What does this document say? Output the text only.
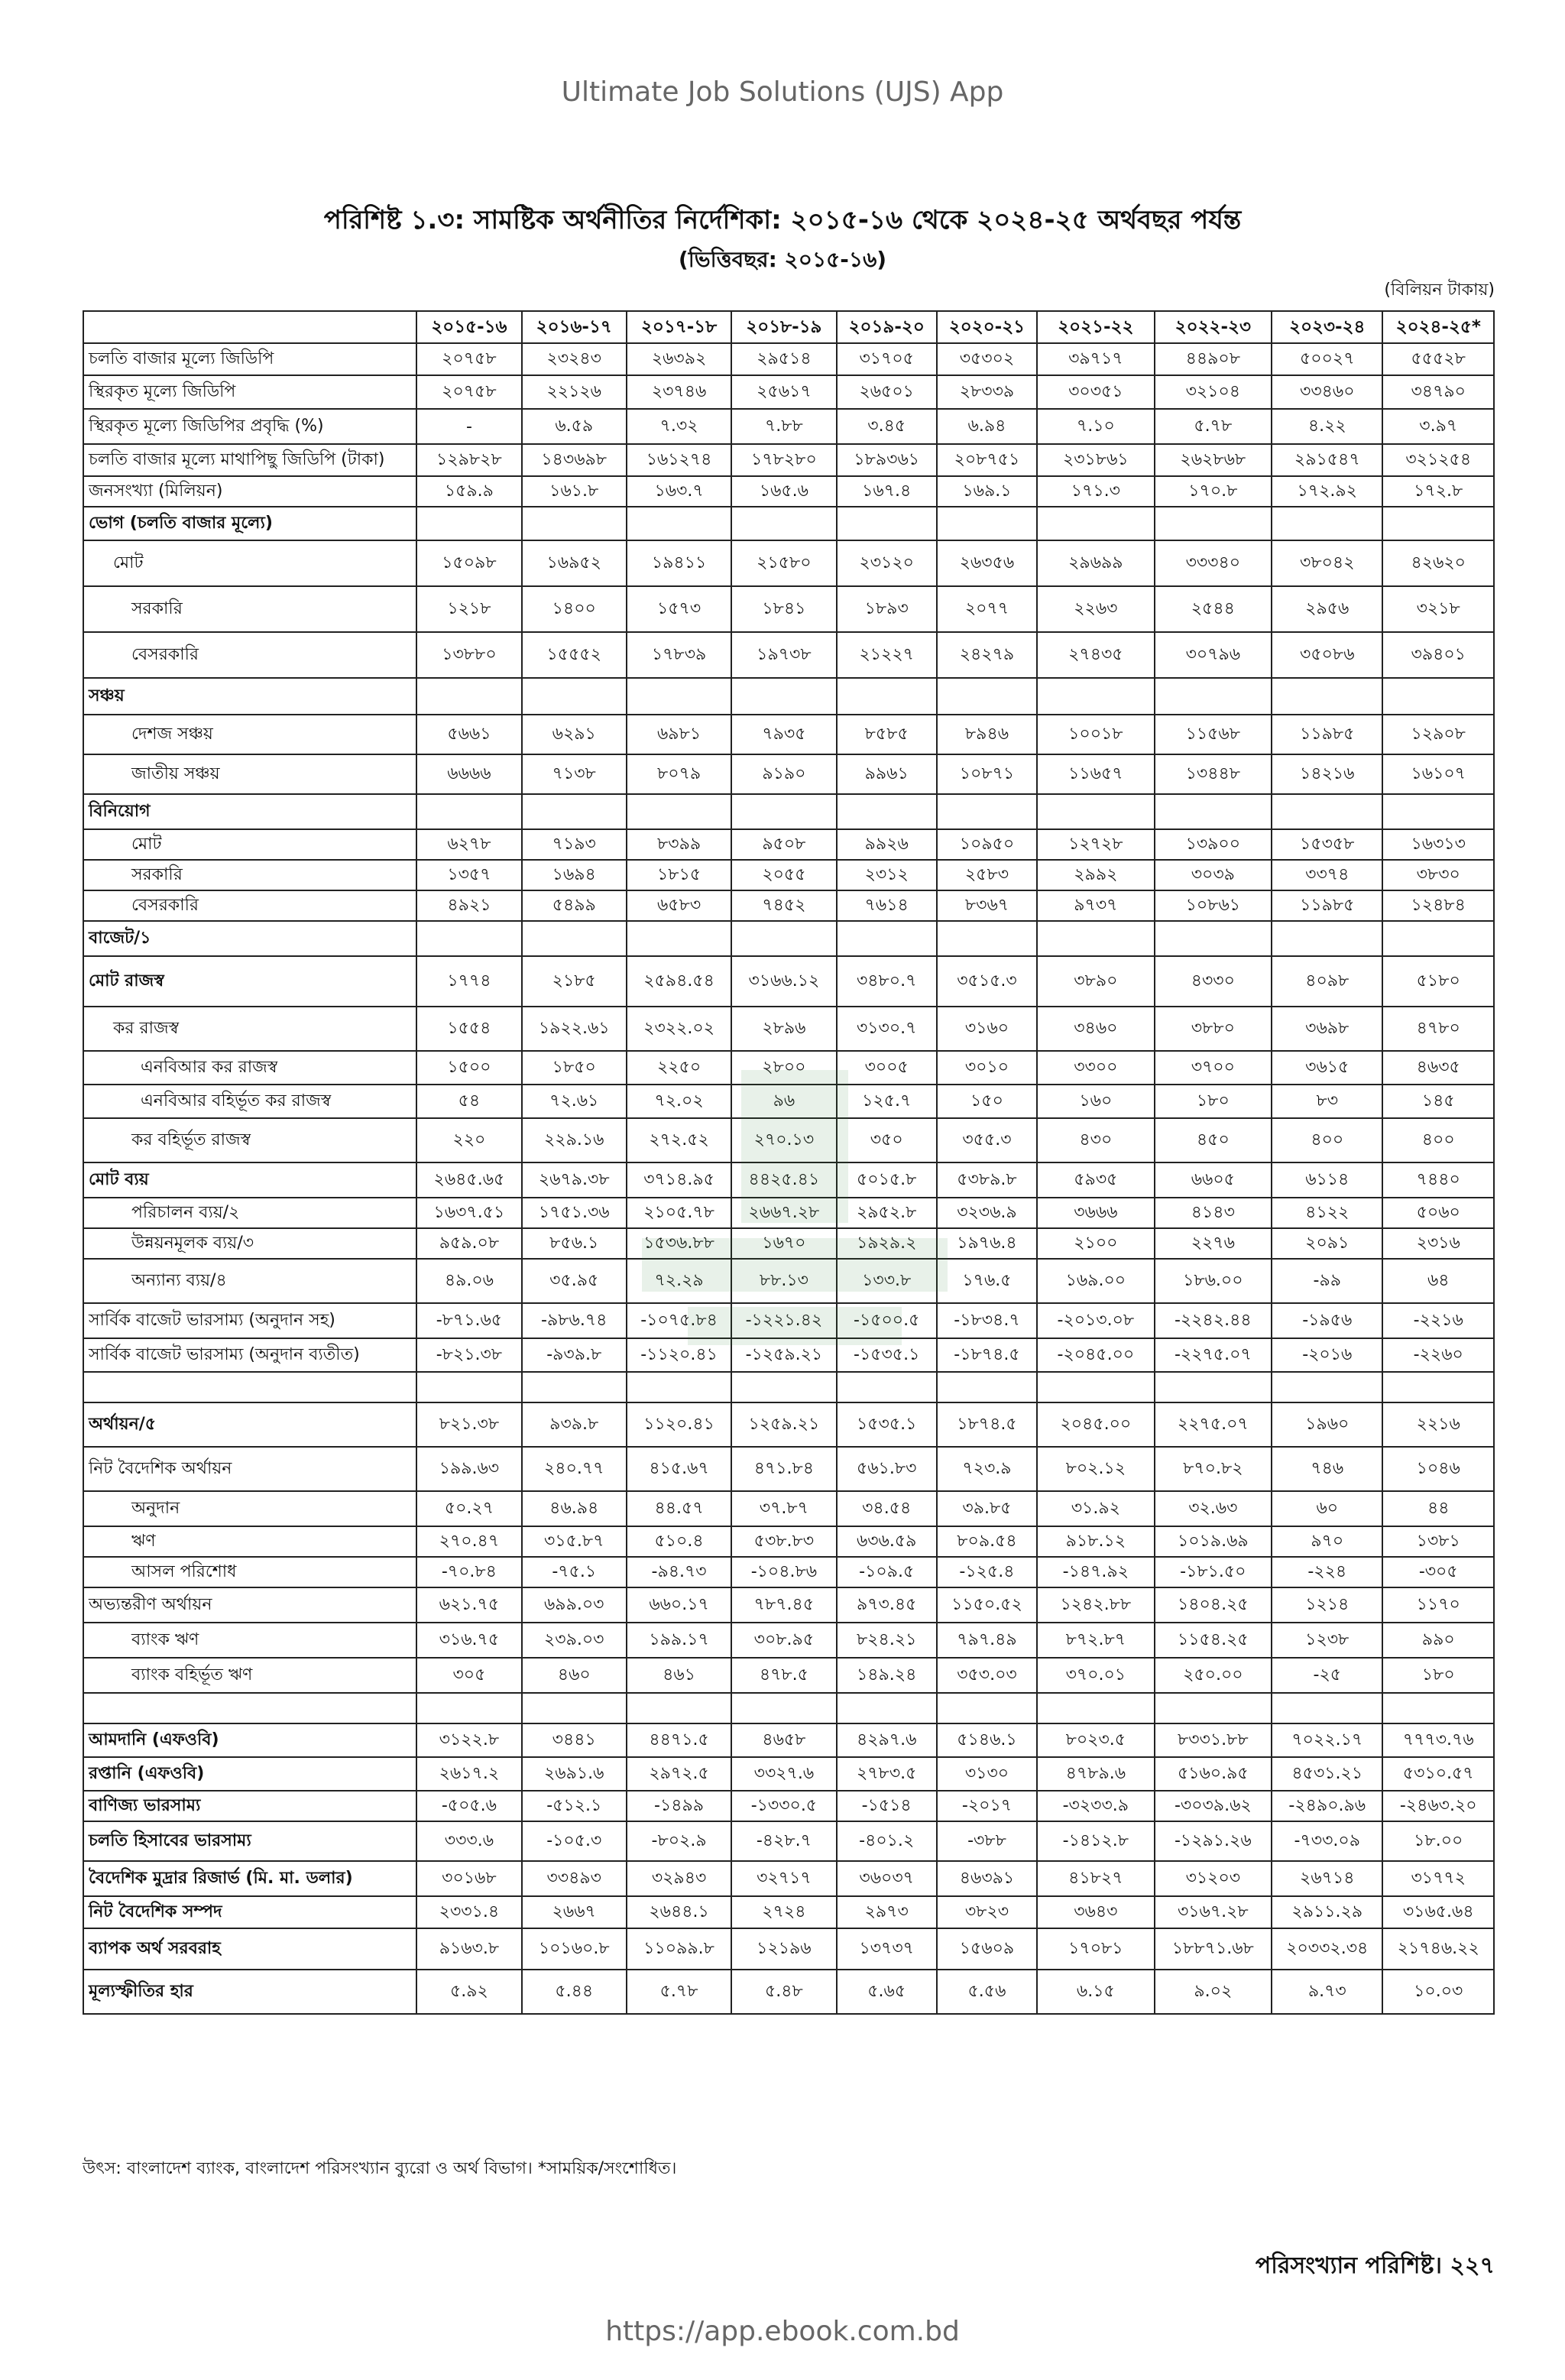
Ultimate Job Solutions (UJS) App
পরিশিষ্ট ১.৩: সামষ্টিক অর্থনীতির নির্দেশিকা: ২০১৫-১৬ থেকে ২০২৪-২৫ অর্থবছর পর্যন্ত
(ভিত্তিবছর: ২০১৫-১৬)
(বিলিয়ন টাকায়)
	২০১৫-১৬	২০১৬-১৭	২০১৭-১৮	২০১৮-১৯	২০১৯-২০	২০২০-২১	২০২১-২২	২০২২-২৩	২০২৩-২৪	২০২৪-২৫*
চলতি বাজার মূল্যে জিডিপি	২০৭৫৮	২৩২৪৩	২৬৩৯২	২৯৫১৪	৩১৭০৫	৩৫৩০২	৩৯৭১৭	৪৪৯০৮	৫০০২৭	৫৫৫২৮
স্থিরকৃত মূল্যে জিডিপি	২০৭৫৮	২২১২৬	২৩৭৪৬	২৫৬১৭	২৬৫০১	২৮৩৩৯	৩০৩৫১	৩২১০৪	৩৩৪৬০	৩৪৭৯০
স্থিরকৃত মূল্যে জিডিপির প্রবৃদ্ধি (%)	-	৬.৫৯	৭.৩২	৭.৮৮	৩.৪৫	৬.৯৪	৭.১০	৫.৭৮	৪.২২	৩.৯৭
চলতি বাজার মূল্যে মাথাপিছু জিডিপি (টাকা)	১২৯৮২৮	১৪৩৬৯৮	১৬১২৭৪	১৭৮২৮০	১৮৯৩৬১	২০৮৭৫১	২৩১৮৬১	২৬২৮৬৮	২৯১৫৪৭	৩২১২৫৪
জনসংখ্যা (মিলিয়ন)	১৫৯.৯	১৬১.৮	১৬৩.৭	১৬৫.৬	১৬৭.৪	১৬৯.১	১৭১.৩	১৭০.৮	১৭২.৯২	১৭২.৮
ভোগ (চলতি বাজার মূল্যে)										
মোট	১৫০৯৮	১৬৯৫২	১৯৪১১	২১৫৮০	২৩১২০	২৬৩৫৬	২৯৬৯৯	৩৩৩৪০	৩৮০৪২	৪২৬২০
সরকারি	১২১৮	১৪০০	১৫৭৩	১৮৪১	১৮৯৩	২০৭৭	২২৬৩	২৫৪৪	২৯৫৬	৩২১৮
বেসরকারি	১৩৮৮০	১৫৫৫২	১৭৮৩৯	১৯৭৩৮	২১২২৭	২৪২৭৯	২৭৪৩৫	৩০৭৯৬	৩৫০৮৬	৩৯৪০১
সঞ্চয়										
দেশজ সঞ্চয়	৫৬৬১	৬২৯১	৬৯৮১	৭৯৩৫	৮৫৮৫	৮৯৪৬	১০০১৮	১১৫৬৮	১১৯৮৫	১২৯০৮
জাতীয় সঞ্চয়	৬৬৬৬	৭১৩৮	৮০৭৯	৯১৯০	৯৯৬১	১০৮৭১	১১৬৫৭	১৩৪৪৮	১৪২১৬	১৬১০৭
বিনিয়োগ										
মোট	৬২৭৮	৭১৯৩	৮৩৯৯	৯৫০৮	৯৯২৬	১০৯৫০	১২৭২৮	১৩৯০০	১৫৩৫৮	১৬৩১৩
সরকারি	১৩৫৭	১৬৯৪	১৮১৫	২০৫৫	২৩১২	২৫৮৩	২৯৯২	৩০৩৯	৩৩৭৪	৩৮৩০
বেসরকারি	৪৯২১	৫৪৯৯	৬৫৮৩	৭৪৫২	৭৬১৪	৮৩৬৭	৯৭৩৭	১০৮৬১	১১৯৮৫	১২৪৮৪
বাজেট/১										
মোট রাজস্ব	১৭৭৪	২১৮৫	২৫৯৪.৫৪	৩১৬৬.১২	৩৪৮০.৭	৩৫১৫.৩	৩৮৯০	৪৩৩০	৪০৯৮	৫১৮০
কর রাজস্ব	১৫৫৪	১৯২২.৬১	২৩২২.০২	২৮৯৬	৩১৩০.৭	৩১৬০	৩৪৬০	৩৮৮০	৩৬৯৮	৪৭৮০
এনবিআর কর রাজস্ব	১৫০০	১৮৫০	২২৫০	২৮০০	৩০০৫	৩০১০	৩৩০০	৩৭০০	৩৬১৫	৪৬৩৫
এনবিআর বহির্ভূত কর রাজস্ব	৫৪	৭২.৬১	৭২.০২	৯৬	১২৫.৭	১৫০	১৬০	১৮০	৮৩	১৪৫
কর বহির্ভূত রাজস্ব	২২০	২২৯.১৬	২৭২.৫২	২৭০.১৩	৩৫০	৩৫৫.৩	৪৩০	৪৫০	৪০০	৪০০
মোট ব্যয়	২৬৪৫.৬৫	২৬৭৯.৩৮	৩৭১৪.৯৫	৪৪২৫.৪১	৫০১৫.৮	৫৩৮৯.৮	৫৯৩৫	৬৬০৫	৬১১৪	৭৪৪০
পরিচালন ব্যয়/২	১৬৩৭.৫১	১৭৫১.৩৬	২১০৫.৭৮	২৬৬৭.২৮	২৯৫২.৮	৩২৩৬.৯	৩৬৬৬	৪১৪৩	৪১২২	৫০৬০
উন্নয়নমূলক ব্যয়/৩	৯৫৯.০৮	৮৫৬.১	১৫৩৬.৮৮	১৬৭০	১৯২৯.২	১৯৭৬.৪	২১০০	২২৭৬	২০৯১	২৩১৬
অন্যান্য ব্যয়/৪	৪৯.০৬	৩৫.৯৫	৭২.২৯	৮৮.১৩	১৩৩.৮	১৭৬.৫	১৬৯.০০	১৮৬.০০	-৯৯	৬৪
সার্বিক বাজেট ভারসাম্য (অনুদান সহ)	-৮৭১.৬৫	-৯৮৬.৭৪	-১০৭৫.৮৪	-১২২১.৪২	-১৫০০.৫	-১৮৩৪.৭	-২০১৩.০৮	-২২৪২.৪৪	-১৯৫৬	-২২১৬
সার্বিক বাজেট ভারসাম্য (অনুদান ব্যতীত)	-৮২১.৩৮	-৯৩৯.৮	-১১২০.৪১	-১২৫৯.২১	-১৫৩৫.১	-১৮৭৪.৫	-২০৪৫.০০	-২২৭৫.০৭	-২০১৬	-২২৬০

অর্থায়ন/৫	৮২১.৩৮	৯৩৯.৮	১১২০.৪১	১২৫৯.২১	১৫৩৫.১	১৮৭৪.৫	২০৪৫.০০	২২৭৫.০৭	১৯৬০	২২১৬
নিট বৈদেশিক অর্থায়ন	১৯৯.৬৩	২৪০.৭৭	৪১৫.৬৭	৪৭১.৮৪	৫৬১.৮৩	৭২৩.৯	৮০২.১২	৮৭০.৮২	৭৪৬	১০৪৬
অনুদান	৫০.২৭	৪৬.৯৪	৪৪.৫৭	৩৭.৮৭	৩৪.৫৪	৩৯.৮৫	৩১.৯২	৩২.৬৩	৬০	৪৪
ঋণ	২৭০.৪৭	৩১৫.৮৭	৫১০.৪	৫৩৮.৮৩	৬৩৬.৫৯	৮০৯.৫৪	৯১৮.১২	১০১৯.৬৯	৯৭০	১৩৮১
আসল পরিশোধ	-৭০.৮৪	-৭৫.১	-৯৪.৭৩	-১০৪.৮৬	-১০৯.৫	-১২৫.৪	-১৪৭.৯২	-১৮১.৫০	-২২৪	-৩০৫
অভ্যন্তরীণ অর্থায়ন	৬২১.৭৫	৬৯৯.০৩	৬৬০.১৭	৭৮৭.৪৫	৯৭৩.৪৫	১১৫০.৫২	১২৪২.৮৮	১৪০৪.২৫	১২১৪	১১৭০
ব্যাংক ঋণ	৩১৬.৭৫	২৩৯.০৩	১৯৯.১৭	৩০৮.৯৫	৮২৪.২১	৭৯৭.৪৯	৮৭২.৮৭	১১৫৪.২৫	১২৩৮	৯৯০
ব্যাংক বহির্ভূত ঋণ	৩০৫	৪৬০	৪৬১	৪৭৮.৫	১৪৯.২৪	৩৫৩.০৩	৩৭০.০১	২৫০.০০	-২৫	১৮০

আমদানি (এফওবি)	৩১২২.৮	৩৪৪১	৪৪৭১.৫	৪৬৫৮	৪২৯৭.৬	৫১৪৬.১	৮০২৩.৫	৮৩৩১.৮৮	৭০২২.১৭	৭৭৭৩.৭৬
রপ্তানি (এফওবি)	২৬১৭.২	২৬৯১.৬	২৯৭২.৫	৩৩২৭.৬	২৭৮৩.৫	৩১৩০	৪৭৮৯.৬	৫১৬০.৯৫	৪৫৩১.২১	৫৩১০.৫৭
বাণিজ্য ভারসাম্য	-৫০৫.৬	-৫১২.১	-১৪৯৯	-১৩৩০.৫	-১৫১৪	-২০১৭	-৩২৩৩.৯	-৩০৩৯.৬২	-২৪৯০.৯৬	-২৪৬৩.২০
চলতি হিসাবের ভারসাম্য	৩৩৩.৬	-১০৫.৩	-৮০২.৯	-৪২৮.৭	-৪০১.২	-৩৮৮	-১৪১২.৮	-১২৯১.২৬	-৭৩৩.০৯	১৮.০০
বৈদেশিক মুদ্রার রিজার্ভ (মি. মা. ডলার)	৩০১৬৮	৩৩৪৯৩	৩২৯৪৩	৩২৭১৭	৩৬০৩৭	৪৬৩৯১	৪১৮২৭	৩১২০৩	২৬৭১৪	৩১৭৭২
নিট বৈদেশিক সম্পদ	২৩৩১.৪	২৬৬৭	২৬৪৪.১	২৭২৪	২৯৭৩	৩৮২৩	৩৬৪৩	৩১৬৭.২৮	২৯১১.২৯	৩১৬৫.৬৪
ব্যাপক অর্থ সরবরাহ	৯১৬৩.৮	১০১৬০.৮	১১০৯৯.৮	১২১৯৬	১৩৭৩৭	১৫৬০৯	১৭০৮১	১৮৮৭১.৬৮	২০৩৩২.৩৪	২১৭৪৬.২২
মূল্যস্ফীতির হার	৫.৯২	৫.৪৪	৫.৭৮	৫.৪৮	৫.৬৫	৫.৫৬	৬.১৫	৯.০২	৯.৭৩	১০.০৩
উৎস: বাংলাদেশ ব্যাংক, বাংলাদেশ পরিসংখ্যান ব্যুরো ও অর্থ বিভাগ। *সাময়িক/সংশোধিত।
পরিসংখ্যান পরিশিষ্ট। ২২৭
https://app.ebook.com.bd
